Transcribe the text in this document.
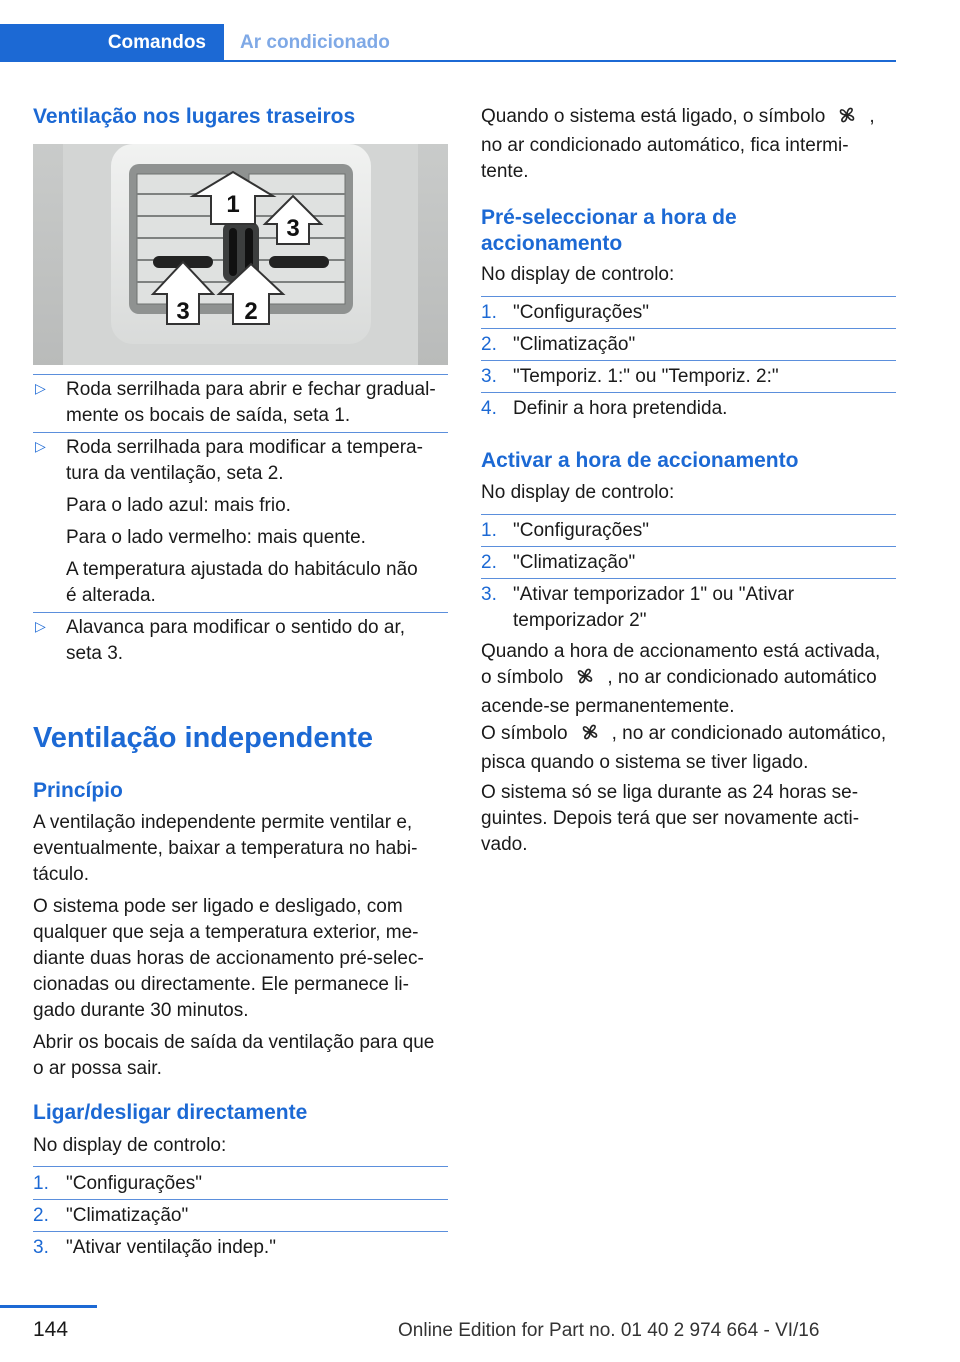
Comandos	Ar condicionado
Ventilação nos lugares traseiros
1
2
3
3
▷ Roda serrilhada para abrir e fechar gradual-
mente os bocais de saída, seta 1.
▷ Roda serrilhada para modificar a tempera-
tura da ventilação, seta 2.
Para o lado azul: mais frio.
Para o lado vermelho: mais quente.
A temperatura ajustada do habitáculo não
é alterada.
▷ Alavanca para modificar o sentido do ar,
seta 3.
Ventilação independente
Princípio
A ventilação independente permite ventilar e,
eventualmente, baixar a temperatura no habi-
táculo.
O sistema pode ser ligado e desligado, com
qualquer que seja a temperatura exterior, me-
diante duas horas de accionamento pré-selec-
cionadas ou directamente. Ele permanece li-
gado durante 30 minutos.
Abrir os bocais de saída da ventilação para que
o ar possa sair.
Ligar/desligar directamente
No display de controlo:
1. "Configurações"
2. "Climatização"
3. "Ativar ventilação indep."
Quando o sistema está ligado, o símbolo ,
no ar condicionado automático, fica intermi-
tente.
Pré-seleccionar a hora de
accionamento
No display de controlo:
1. "Configurações"
2. "Climatização"
3. "Temporiz. 1:" ou "Temporiz. 2:"
4. Definir a hora pretendida.
Activar a hora de accionamento
No display de controlo:
1. "Configurações"
2. "Climatização"
3. "Ativar temporizador 1" ou "Ativar
temporizador 2"
Quando a hora de accionamento está activada,
o símbolo , no ar condicionado automático
acende-se permanentemente.
O símbolo , no ar condicionado automático,
pisca quando o sistema se tiver ligado.
O sistema só se liga durante as 24 horas se-
guintes. Depois terá que ser novamente acti-
vado.
144	Online Edition for Part no. 01 40 2 974 664 - VI/16
